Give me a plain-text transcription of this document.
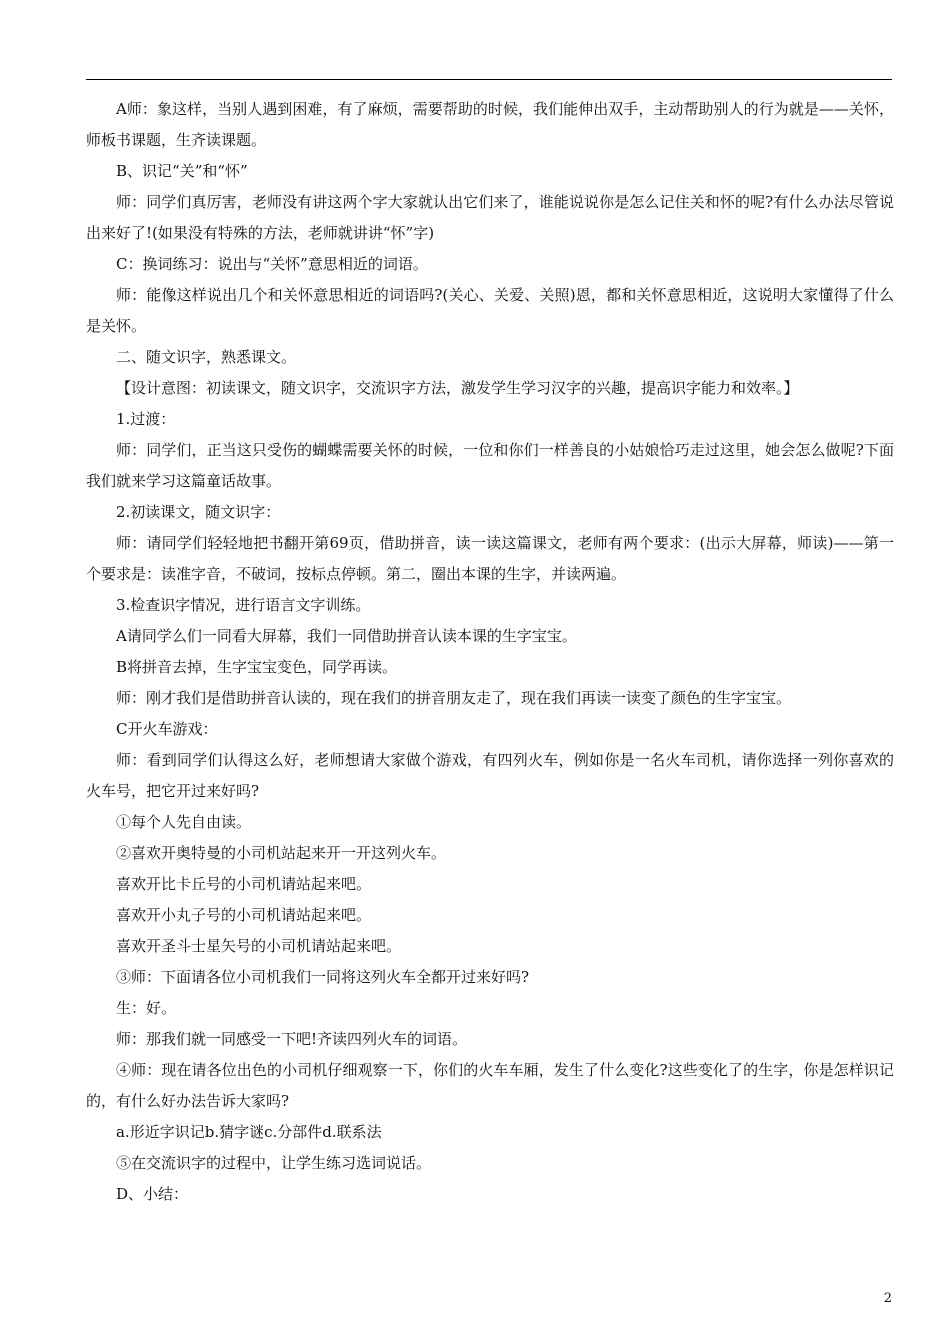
A师：象这样，当别人遇到困难，有了麻烦，需要帮助的时候，我们能伸出双手，主动帮助别人的行为就是——关怀，师板书课题，生齐读课题。

B、识记“关”和“怀”

师：同学们真厉害，老师没有讲这两个字大家就认出它们来了，谁能说说你是怎么记住关和怀的呢?有什么办法尽管说出来好了!(如果没有特殊的方法，老师就讲讲“怀”字)

C：换词练习：说出与“关怀”意思相近的词语。

师：能像这样说出几个和关怀意思相近的词语吗?(关心、关爱、关照)恩，都和关怀意思相近，这说明大家懂得了什么是关怀。

二、随文识字，熟悉课文。

【设计意图：初读课文，随文识字，交流识字方法，激发学生学习汉字的兴趣，提高识字能力和效率。】

1.过渡：

师：同学们，正当这只受伤的蝴蝶需要关怀的时候，一位和你们一样善良的小姑娘恰巧走过这里，她会怎么做呢?下面我们就来学习这篇童话故事。

2.初读课文，随文识字：

师：请同学们轻轻地把书翻开第69页，借助拼音，读一读这篇课文，老师有两个要求：(出示大屏幕，师读)——第一个要求是：读准字音，不破词，按标点停顿。第二，圈出本课的生字，并读两遍。

3.检查识字情况，进行语言文字训练。

A请同学么们一同看大屏幕，我们一同借助拼音认读本课的生字宝宝。

B将拼音去掉，生字宝宝变色，同学再读。

师：刚才我们是借助拼音认读的，现在我们的拼音朋友走了，现在我们再读一读变了颜色的生字宝宝。

C开火车游戏：

师：看到同学们认得这么好，老师想请大家做个游戏，有四列火车，例如你是一名火车司机，请你选择一列你喜欢的火车号，把它开过来好吗?

①每个人先自由读。

②喜欢开奥特曼的小司机站起来开一开这列火车。

喜欢开比卡丘号的小司机请站起来吧。

喜欢开小丸子号的小司机请站起来吧。

喜欢开圣斗士星矢号的小司机请站起来吧。

③师：下面请各位小司机我们一同将这列火车全都开过来好吗?

生：好。

师：那我们就一同感受一下吧!齐读四列火车的词语。

④师：现在请各位出色的小司机仔细观察一下，你们的火车车厢，发生了什么变化?这些变化了的生字，你是怎样识记的，有什么好办法告诉大家吗?

a.形近字识记b.猜字谜c.分部件d.联系法

⑤在交流识字的过程中，让学生练习选词说话。

D、小结：

2
